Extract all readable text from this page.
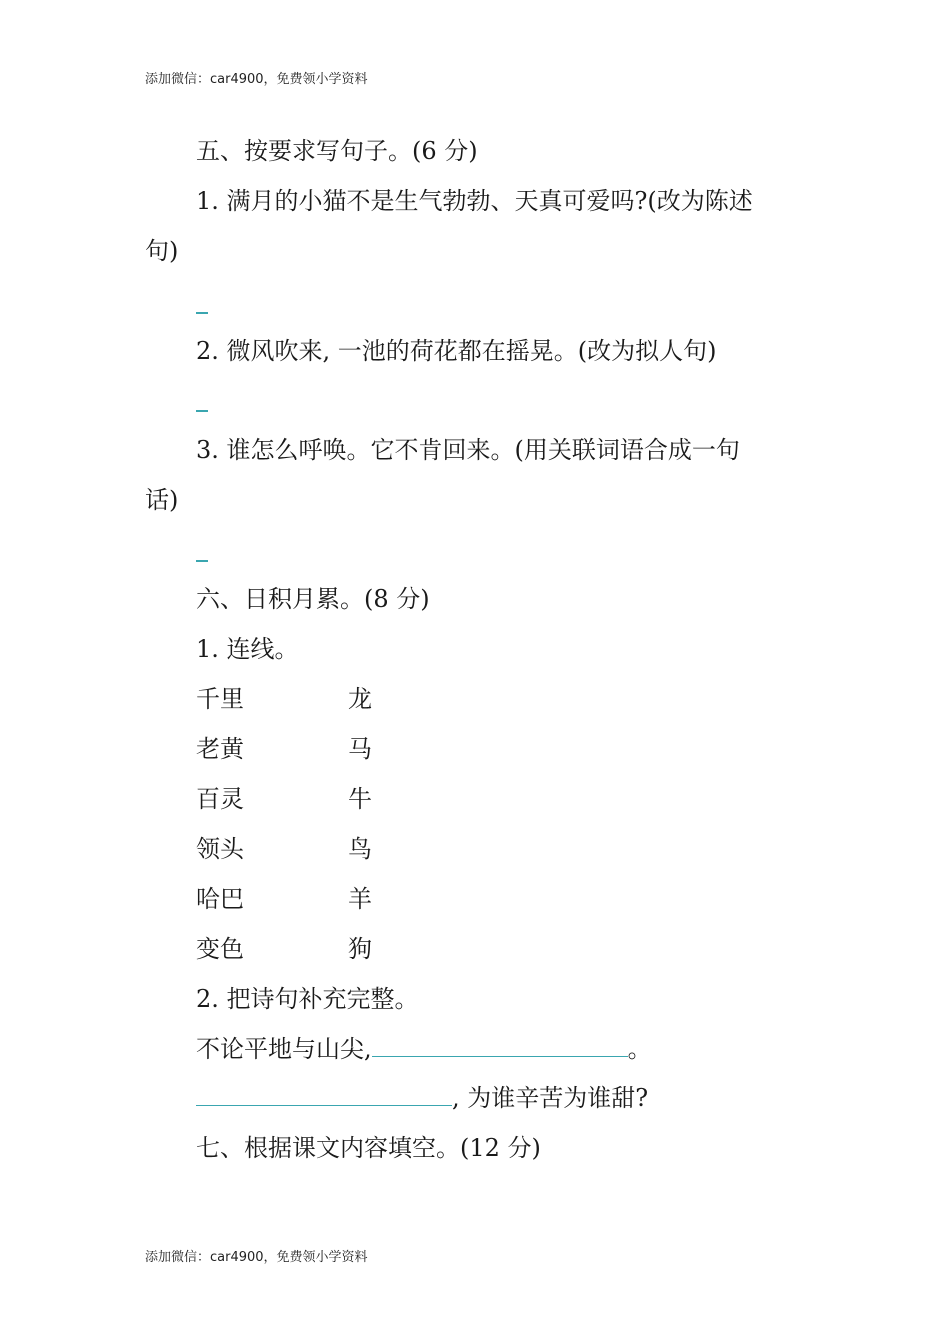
添加微信：car4900，免费领小学资料
五、按要求写句子。(6 分)
1. 满月的小猫不是生气勃勃、天真可爱吗?(改为陈述
句)
2. 微风吹来, 一池的荷花都在摇晃。(改为拟人句)
3. 谁怎么呼唤。它不肯回来。(用关联词语合成一句
话)
六、日积月累。(8 分)
1. 连线。
千里	龙
老黄	马
百灵	牛
领头	鸟
哈巴	羊
变色	狗
2. 把诗句补充完整。
不论平地与山尖,	。
, 为谁辛苦为谁甜?
七、根据课文内容填空。(12 分)
添加微信：car4900，免费领小学资料
